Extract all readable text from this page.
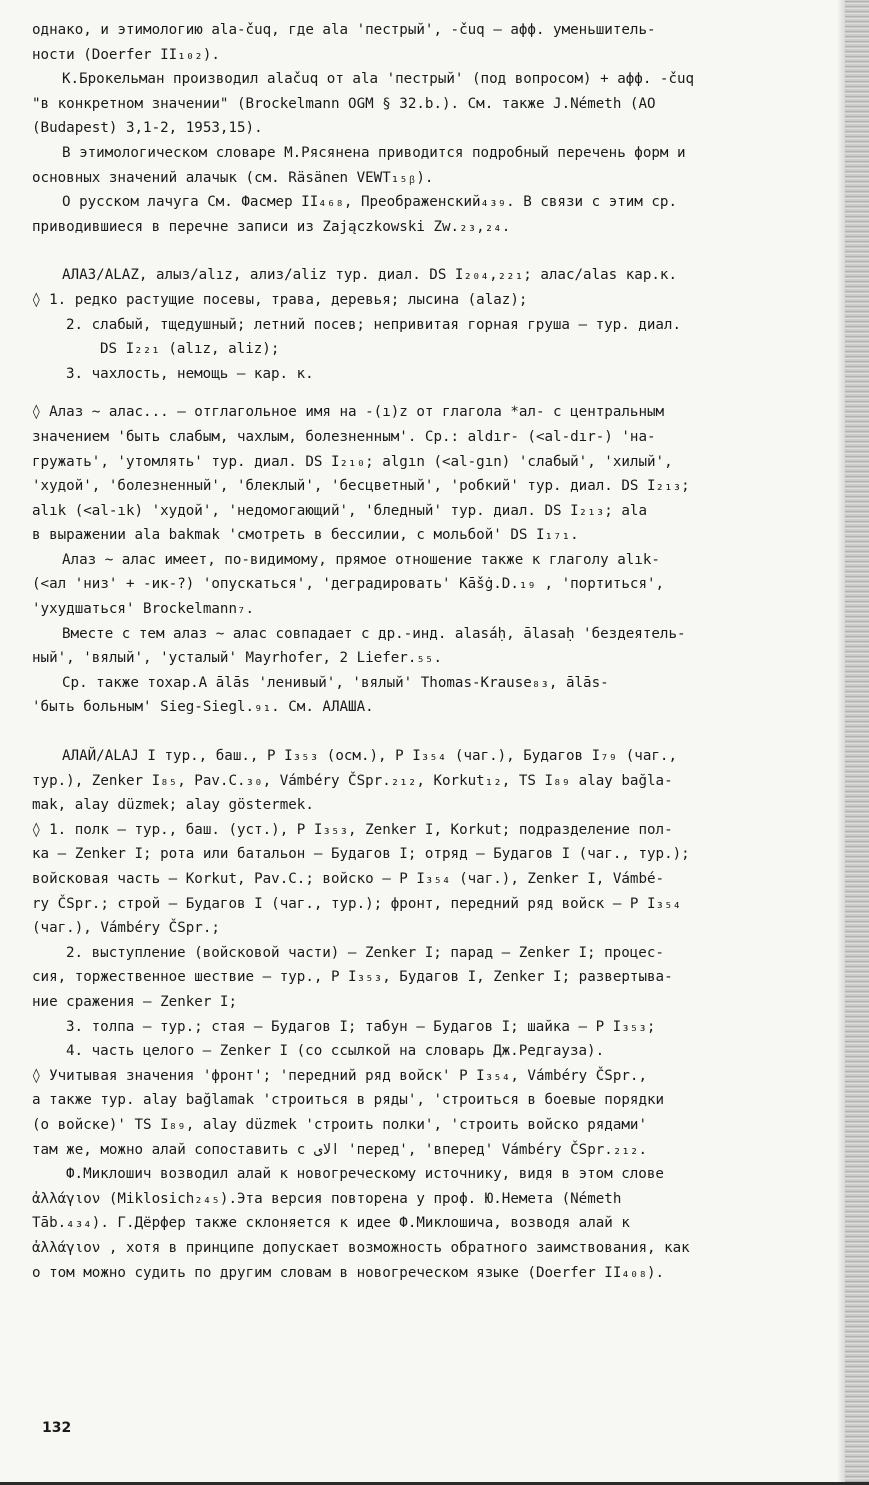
однако, и этимологию ala-čuq, где ala 'пестрый', -čuq – афф. уменьшитель-

ности (Doerfer II₁₀₂).

К.Брокельман производил alačuq от ala 'пестрый' (под вопросом) + афф. -čuq

"в конкретном значении" (Brockelmann OGM § 32.b.). См. также J.Németh (AO

(Budapest) 3,1-2, 1953,15).

В этимологическом словаре М.Рясянена приводится подробный перечень форм и

основных значений алачык (см. Räsänen VEWT₁₅ᵦ).

О русском лачуга См. Фасмер II₄₆₈, Преображенский₄₃₉. В связи с этим ср.

приводившиеся в перечне записи из Zajączkowski Zw.₂₃,₂₄.

АЛАЗ/ALAZ, алыз/alız, ализ/aliz тур. диал. DS I₂₀₄,₂₂₁; алас/alas кар.к.

◊ 1. редко растущие посевы, трава, деревья; лысина (alaz);

2. слабый, тщедушный; летний посев; непривитая горная груша – тур. диал.

DS I₂₂₁ (alız, aliz);

3. чахлость, немощь – кар. к.

◊ Алаз ~ алас... – отглагольное имя на -(ı)z от глагола *ал- с центральным

значением 'быть слабым, чахлым, болезненным'. Ср.: aldır- (<al-dır-) 'на-

гружать', 'утомлять' тур. диал. DS I₂₁₀; algın (<al-gın) 'слабый', 'хилый',

'худой', 'болезненный', 'блеклый', 'бесцветный', 'робкий' тур. диал. DS I₂₁₃;

alık (<al-ık) 'худой', 'недомогающий', 'бледный' тур. диал. DS I₂₁₃; ala

в выражении ala bakmak 'смотреть в бессилии, с мольбой' DS I₁₇₁.

Алаз ~ алас имеет, по-видимому, прямое отношение также к глаголу alık-

(<ал 'низ' + -ик-?) 'опускаться', 'деградировать' Kāšġ.D.₁₉ , 'портиться',

'ухудшаться' Brockelmann₇.

Вместе с тем алаз ~ алас совпадает с др.-инд. alasáḥ, ālasaḥ 'бездеятель-

ный', 'вялый', 'усталый' Mayrhofer, 2 Liefer.₅₅.

Ср. также тохар.А ālās 'ленивый', 'вялый' Thomas-Krause₈₃, ālās-

'быть больным' Sieg-Siegl.₉₁. См. АЛАША.

АЛАЙ/ALAJ I тур., баш., Р I₃₅₃ (осм.), Р I₃₅₄ (чаг.), Будагов I₇₉ (чаг.,

тур.), Zenker I₈₅, Pav.C.₃₀, Vámbéry ČSpr.₂₁₂, Korkut₁₂, TS I₈₉ alay bağla-

mak, alay düzmek; alay göstermek.

◊ 1. полк – тур., баш. (уст.), Р I₃₅₃, Zenker I, Korkut; подразделение пол-

ка – Zenker I; рота или батальон – Будагов I; отряд – Будагов I (чаг., тур.);

войсковая часть – Korkut, Pav.C.; войско – Р I₃₅₄ (чаг.), Zenker I, Vámbé-

ry ČSpr.; строй – Будагов I (чаг., тур.); фронт, передний ряд войск – Р I₃₅₄

(чаг.), Vámbéry ČSpr.;

2. выступление (войсковой части) – Zenker I; парад – Zenker I; процес-

сия, торжественное шествие – тур., Р I₃₅₃, Будагов I, Zenker I; развертыва-

ние сражения – Zenker I;

3. толпа – тур.; стая – Будагов I; табун – Будагов I; шайка – Р I₃₅₃;

4. часть целого – Zenker I (со ссылкой на словарь Дж.Редгауза).

◊ Учитывая значения 'фронт'; 'передний ряд войск' Р I₃₅₄, Vámbéry ČSpr.,

а также тур. alay bağlamak 'строиться в ряды', 'строиться в боевые порядки

(о войске)' TS I₈₉, alay düzmek 'строить полки', 'строить войско рядами'

там же, можно алай сопоставить с الاى 'перед', 'вперед' Vámbéry ČSpr.₂₁₂.

Ф.Миклошич возводил алай к новогреческому источнику, видя в этом слове

ἀλλάγιον (Miklosich₂₄₅).Эта версия повторена у проф. Ю.Немета (Németh

Tāb.₄₃₄). Г.Дёрфер также склоняется к идее Ф.Миклошича, возводя алай к

ἀλλάγιον , хотя в принципе допускает возможность обратного заимствования, как

о том можно судить по другим словам в новогреческом языке (Doerfer II₄₀₈).

132
